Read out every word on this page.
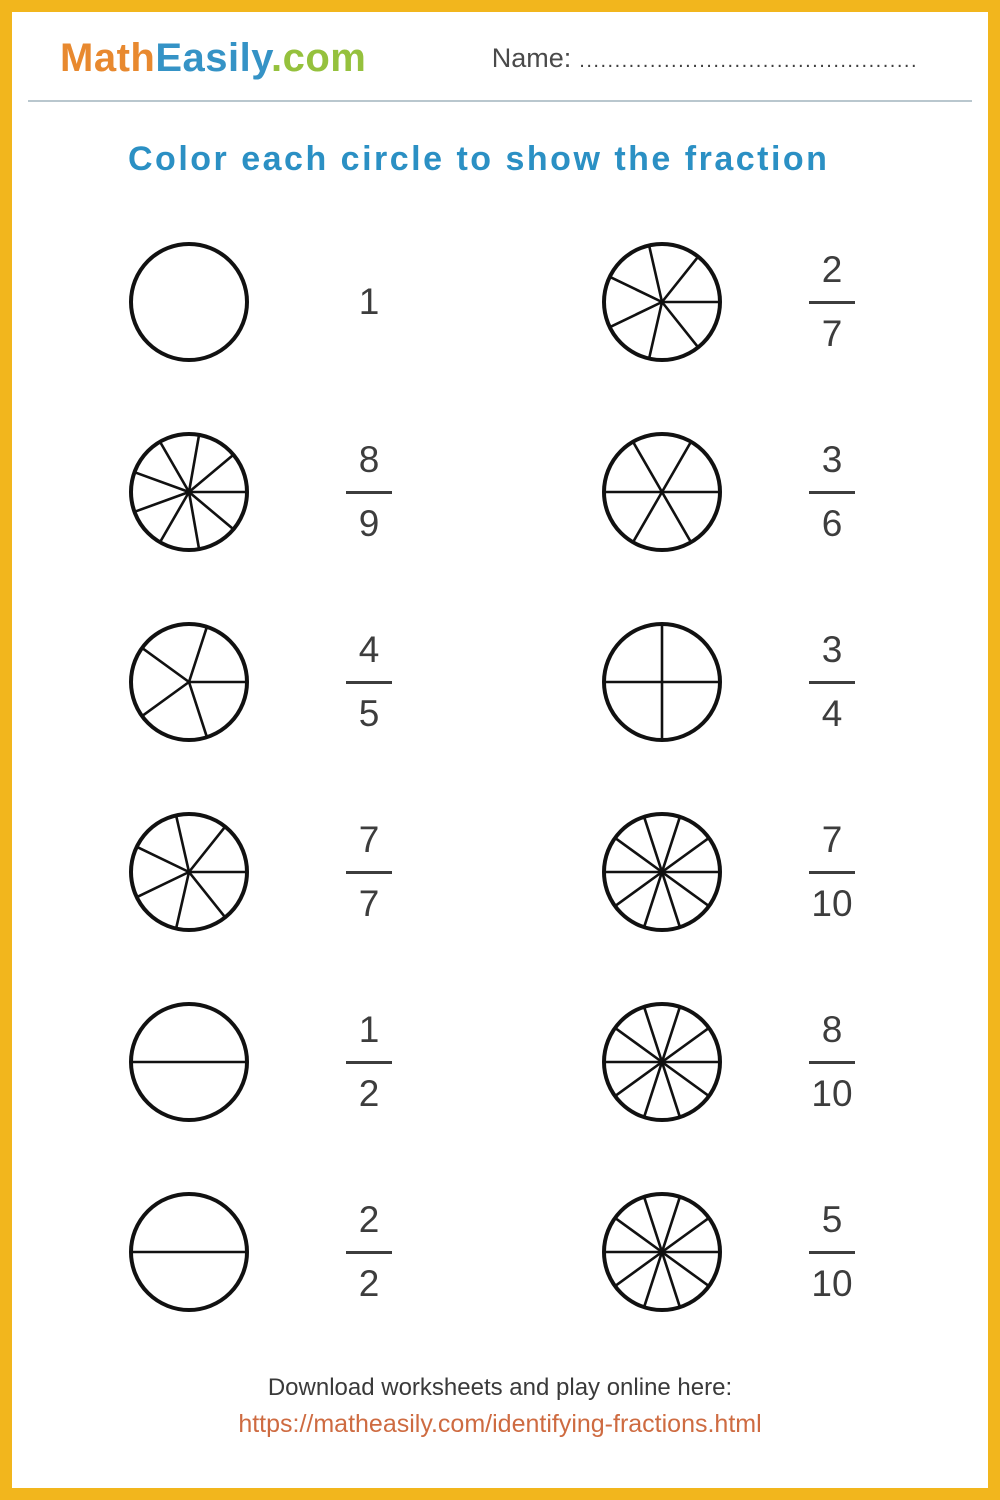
MathEasily.com	Name: ................................................
Color each circle to show the fraction
1	$\frac{2}{7}$
$\frac{8}{9}$	$\frac{3}{6}$
$\frac{4}{5}$	$\frac{3}{4}$
$\frac{7}{7}$	$\frac{7}{10}$
$\frac{1}{2}$	$\frac{8}{10}$
$\frac{2}{2}$	$\frac{5}{10}$
Download worksheets and play online here:
https://matheasily.com/identifying-fractions.html
